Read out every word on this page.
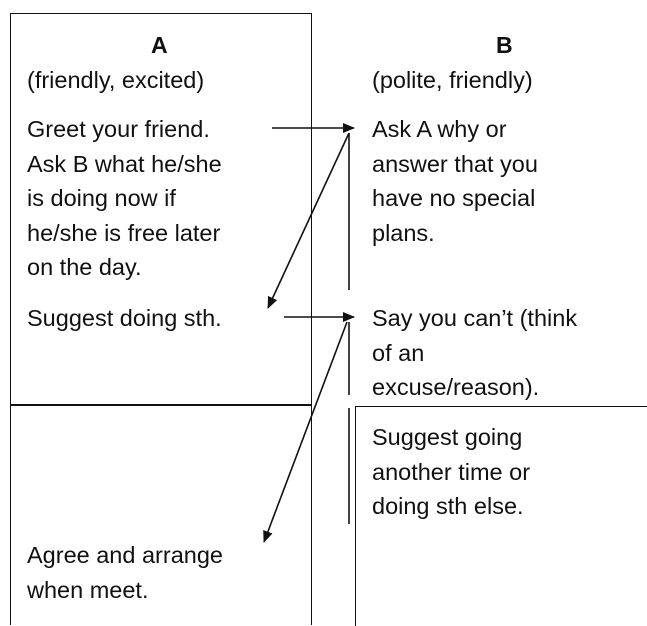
A
(friendly, excited)
B
(polite, friendly)
Greet your friend.
Ask B what he/she
is doing now if
he/she is free later
on the day.
Suggest doing sth.
Agree and arrange
when meet.
Ask A why or
answer that you
have no special
plans.
Say you can’t (think
of an
excuse/reason).
Suggest going
another time or
doing sth else.
